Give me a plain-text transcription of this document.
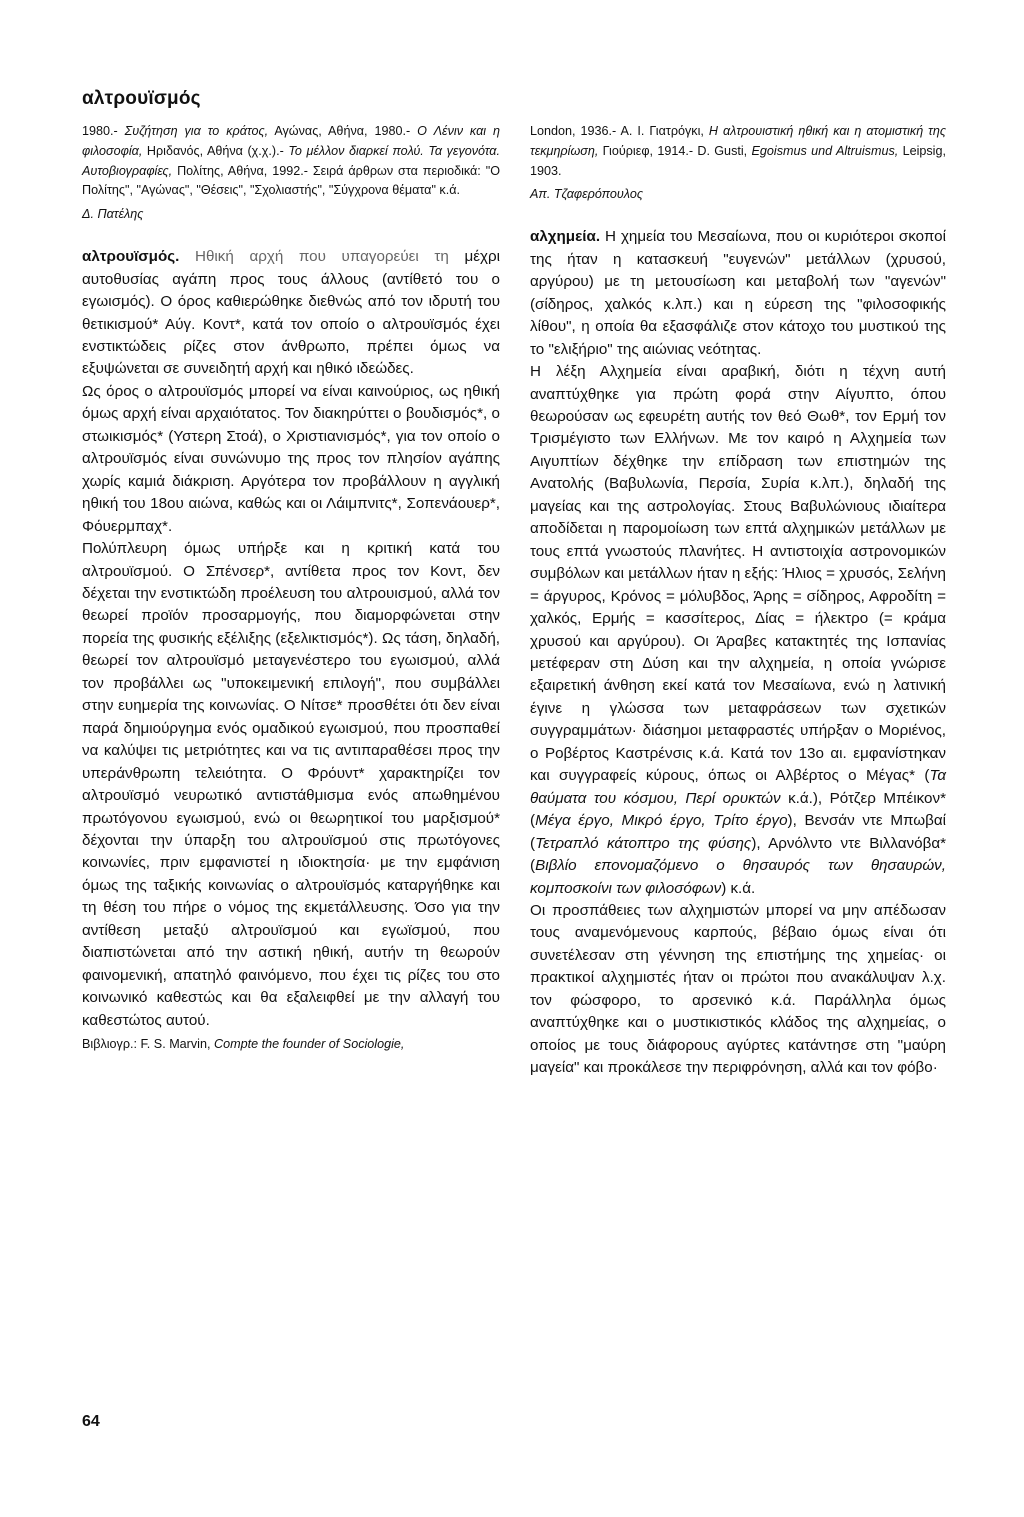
αλτρουϊσμός

1980.- Συζήτηση για το κράτος, Αγώνας, Αθήνα, 1980.- Ο Λένιν και η φιλοσοφία, Ηριδανός, Αθήνα (χ.χ.).- Το μέλλον διαρκεί πολύ. Τα γεγονότα. Αυτοβιογραφίες, Πολίτης, Αθήνα, 1992.- Σειρά άρθρων στα περιοδικά: "Ο Πολίτης", "Αγώνας", "Θέσεις", "Σχολιαστής", "Σύγχρονα θέματα" κ.ά.

Δ. Πατέλης

αλτρουϊσμός. Ηθική αρχή που υπαγορεύει τη μέχρι αυτοθυσίας αγάπη προς τους άλλους (αντίθετό του ο εγωισμός). Ο όρος καθιερώθηκε διεθνώς από τον ιδρυτή του θετικισμού* Αύγ. Κοντ*, κατά τον οποίο ο αλτρουϊσμός έχει ενστικτώδεις ρίζες στον άνθρωπο, πρέπει όμως να εξυψώνεται σε συνειδητή αρχή και ηθικό ιδεώδες.

Ως όρος ο αλτρουϊσμός μπορεί να είναι καινούριος, ως ηθική όμως αρχή είναι αρχαιότατος. Τον διακηρύττει ο βουδισμός*, ο στωικισμός* (Υστερη Στοά), ο Χριστιανισμός*, για τον οποίο ο αλτρουϊσμός είναι συνώνυμο της προς τον πλησίον αγάπης χωρίς καμιά διάκριση. Αργότερα τον προβάλλουν η αγγλική ηθική του 18ου αιώνα, καθώς και οι Λάιμπνιτς*, Σοπενάουερ*, Φόυερμπαχ*.

Πολύπλευρη όμως υπήρξε και η κριτική κατά του αλτρουϊσμού. Ο Σπένσερ*, αντίθετα προς τον Κοντ, δεν δέχεται την ενστικτώδη προέλευση του αλτρουισμού, αλλά τον θεωρεί προϊόν προσαρμογής, που διαμορφώνεται στην πορεία της φυσικής εξέλιξης (εξελικτισμός*). Ως τάση, δηλαδή, θεωρεί τον αλτρουϊσμό μεταγενέστερο του εγωισμού, αλλά τον προβάλλει ως "υποκειμενική επιλογή", που συμβάλλει στην ευημερία της κοινωνίας. Ο Νίτσε* προσθέτει ότι δεν είναι παρά δημιούργημα ενός ομαδικού εγωισμού, που προσπαθεί να καλύψει τις μετριότητες και να τις αντιπαραθέσει προς την υπεράνθρωπη τελειότητα. Ο Φρόυντ* χαρακτηρίζει τον αλτρουϊσμό νευρωτικό αντιστάθμισμα ενός απωθημένου πρωτόγονου εγωισμού, ενώ οι θεωρητικοί του μαρξισμού* δέχονται την ύπαρξη του αλτρουϊσμού στις πρωτόγονες κοινωνίες, πριν εμφανιστεί η ιδιοκτησία· με την εμφάνιση όμως της ταξικής κοινωνίας ο αλτρουϊσμός καταργήθηκε και τη θέση του πήρε ο νόμος της εκμετάλλευσης. Όσο για την αντίθεση μεταξύ αλτρουϊσμού και εγωϊσμού, που διαπιστώνεται από την αστική ηθική, αυτήν τη θεωρούν φαινομενική, απατηλό φαινόμενο, που έχει τις ρίζες του στο κοινωνικό καθεστώς και θα εξαλειφθεί με την αλλαγή του καθεστώτος αυτού.

Βιβλιογρ.: F. S. Marvin, Compte the founder of Sociologie,

London, 1936.- A. I. Γιατρόγκι, Η αλτρουιστική ηθική και η ατομιστική της τεκμηρίωση, Γιούριεφ, 1914.- D. Gusti, Egoismus und Altruismus, Leipsig, 1903.

Απ. Τζαφερόπουλος

αλχημεία. Η χημεία του Μεσαίωνα, που οι κυριότεροι σκοποί της ήταν η κατασκευή "ευγενών" μετάλλων (χρυσού, αργύρου) με τη μετουσίωση και μεταβολή των "αγενών" (σίδηρος, χαλκός κ.λπ.) και η εύρεση της "φιλοσοφικής λίθου", η οποία θα εξασφάλιζε στον κάτοχο του μυστικού της το "ελιξήριο" της αιώνιας νεότητας.

Η λέξη Αλχημεία είναι αραβική, διότι η τέχνη αυτή αναπτύχθηκε για πρώτη φορά στην Αίγυπτο, όπου θεωρούσαν ως εφευρέτη αυτής τον θεό Θωθ*, τον Ερμή τον Τρισμέγιστο των Ελλήνων. Με τον καιρό η Αλχημεία των Αιγυπτίων δέχθηκε την επίδραση των επιστημών της Ανατολής (Βαβυλωνία, Περσία, Συρία κ.λπ.), δηλαδή της μαγείας και της αστρολογίας. Στους Βαβυλώνιους ιδιαίτερα αποδίδεται η παρομοίωση των επτά αλχημικών μετάλλων με τους επτά γνωστούς πλανήτες. Η αντιστοιχία αστρονομικών συμβόλων και μετάλλων ήταν η εξής: Ήλιος = χρυσός, Σελήνη = άργυρος, Κρόνος = μόλυβδος, Άρης = σίδηρος, Αφροδίτη = χαλκός, Ερμής = κασσίτερος, Δίας = ήλεκτρο (= κράμα χρυσού και αργύρου). Οι Άραβες κατακτητές της Ισπανίας μετέφεραν στη Δύση και την αλχημεία, η οποία γνώρισε εξαιρετική άνθηση εκεί κατά τον Μεσαίωνα, ενώ η λατινική έγινε η γλώσσα των μεταφράσεων των σχετικών συγγραμμάτων· διάσημοι μεταφραστές υπήρξαν ο Μοριένος, ο Ροβέρτος Καστρένσις κ.ά. Κατά τον 13ο αι. εμφανίστηκαν και συγγραφείς κύρους, όπως οι Αλβέρτος ο Μέγας* (Τα θαύματα του κόσμου, Περί ορυκτών κ.ά.), Ρότζερ Μπέικον* (Μέγα έργο, Μικρό έργο, Τρίτο έργο), Βενσάν ντε Μπωβαί (Τετραπλό κάτοπτρο της φύσης), Αρνόλντο ντε Βιλλανόβα* (Βιβλίο επονομαζόμενο ο θησαυρός των θησαυρών, κομποσκοίνι των φιλοσόφων) κ.ά.

Οι προσπάθειες των αλχημιστών μπορεί να μην απέδωσαν τους αναμενόμενους καρπούς, βέβαιο όμως είναι ότι συνετέλεσαν στη γέννηση της επιστήμης της χημείας· οι πρακτικοί αλχημιστές ήταν οι πρώτοι που ανακάλυψαν λ.χ. τον φώσφορο, το αρσενικό κ.ά. Παράλληλα όμως αναπτύχθηκε και ο μυστικιστικός κλάδος της αλχημείας, ο οποίος με τους διάφορους αγύρτες κατάντησε στη "μαύρη μαγεία" και προκάλεσε την περιφρόνηση, αλλά και τον φόβο·

64
